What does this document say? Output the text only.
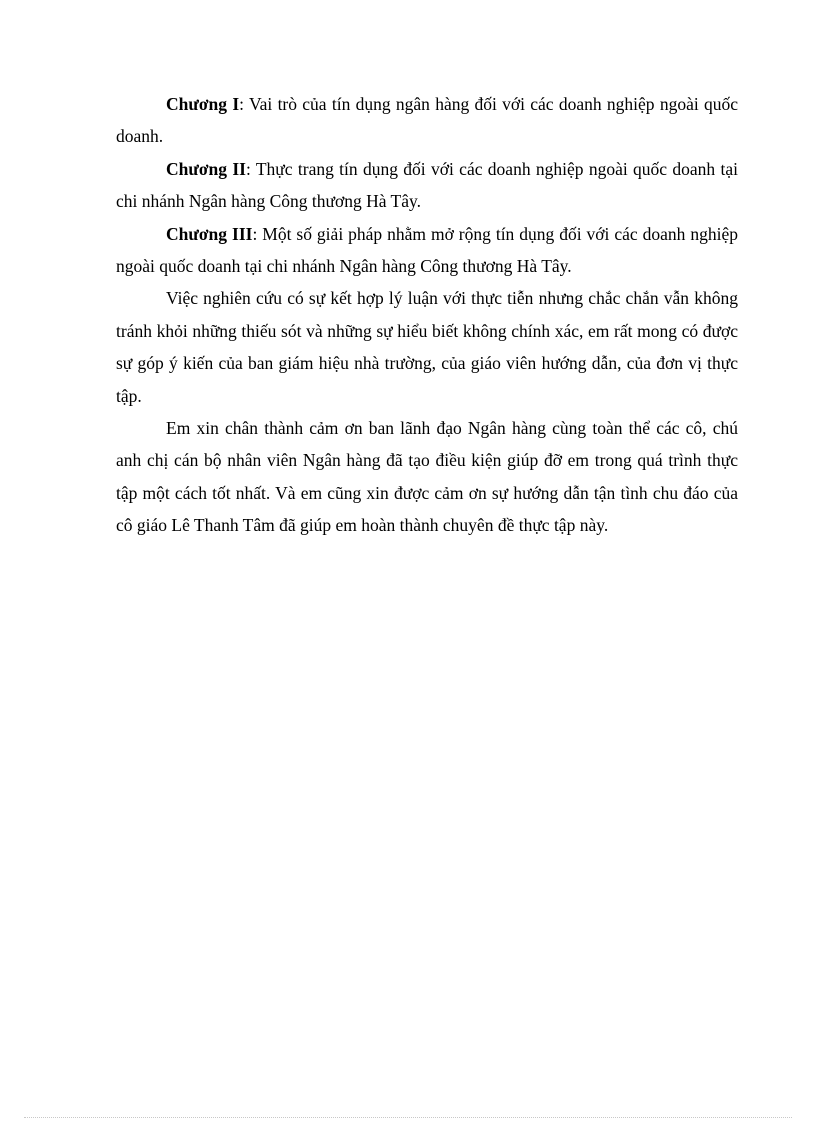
Chương I: Vai trò của tín dụng ngân hàng đối với các doanh nghiệp ngoài quốc doanh.

Chương II: Thực trang tín dụng đối với các doanh nghiệp ngoài quốc doanh tại chi nhánh Ngân hàng Công thương Hà Tây.

Chương III: Một số giải pháp nhằm mở rộng tín dụng đối với các doanh nghiệp ngoài quốc doanh tại chi nhánh Ngân hàng Công thương Hà Tây.

Việc nghiên cứu có sự kết hợp lý luận với thực tiễn nhưng chắc chắn vẫn không tránh khỏi những thiếu sót và những sự hiểu biết không chính xác, em rất mong có được sự góp ý kiến của ban giám hiệu nhà trường, của giáo viên hướng dẫn, của đơn vị thực tập.

Em xin chân thành cảm ơn ban lãnh đạo Ngân hàng cùng toàn thể các cô, chú anh chị cán bộ nhân viên Ngân hàng đã tạo điều kiện giúp đỡ em trong quá trình thực tập một cách tốt nhất. Và em cũng xin được cảm ơn sự hướng dẫn tận tình chu đáo của cô giáo Lê Thanh Tâm đã giúp em hoàn thành chuyên đề thực tập này.
